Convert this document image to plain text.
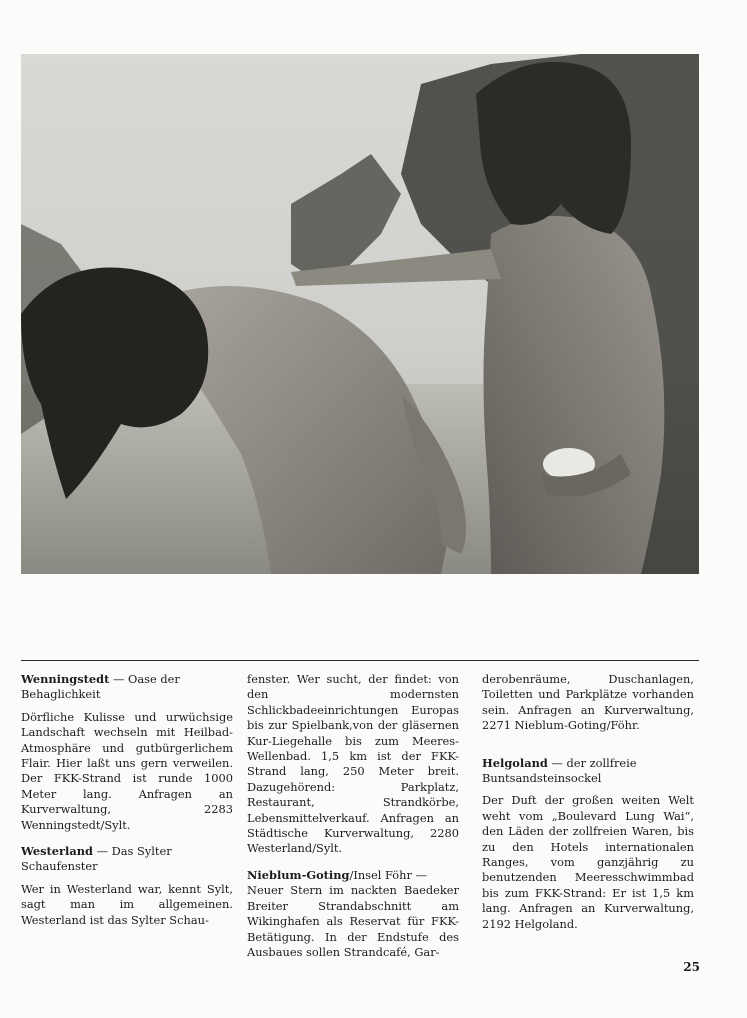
Wenningstedt — Oase der Behaglichkeit

Dörfliche Kulisse und urwüchsige Landschaft wechseln mit Heilbad-Atmosphäre und gutbürgerlichem Flair. Hier laßt uns gern verweilen. Der FKK-Strand ist runde 1000 Meter lang. Anfragen an Kurverwaltung, 2283 Wenningstedt/Sylt.

Westerland — Das Sylter Schaufenster

Wer in Westerland war, kennt Sylt, sagt man im allgemeinen. Westerland ist das Sylter Schau-

fenster. Wer sucht, der findet: von den modernsten Schlickbadeeinrichtungen Europas bis zur Spielbank,von der gläsernen Kur-Liegehalle bis zum Meeres-Wellenbad. 1,5 km ist der FKK-Strand lang, 250 Meter breit. Dazugehörend: Parkplatz, Restaurant, Strandkörbe, Lebensmittelverkauf. Anfragen an Städtische Kurverwaltung, 2280 Westerland/Sylt.

Nieblum-Goting/Insel Föhr —

Neuer Stern im nackten Baedeker Breiter Strandabschnitt am Wikinghafen als Reservat für FKK-Betätigung. In der Endstufe des Ausbaues sollen Strandcafé, Gar-

derobenräume, Duschanlagen, Toiletten und Parkplätze vorhanden sein. Anfragen an Kurverwaltung, 2271 Nieblum-Goting/Föhr.

Helgoland — der zollfreie Buntsandsteinsockel

Der Duft der großen weiten Welt weht vom „Boulevard Lung Wai“, den Läden der zollfreien Waren, bis zu den Hotels internationalen Ranges, vom ganzjährig zu benutzenden Meeresschwimmbad bis zum FKK-Strand: Er ist 1,5 km lang. Anfragen an Kurverwaltung, 2192 Helgoland.

25
